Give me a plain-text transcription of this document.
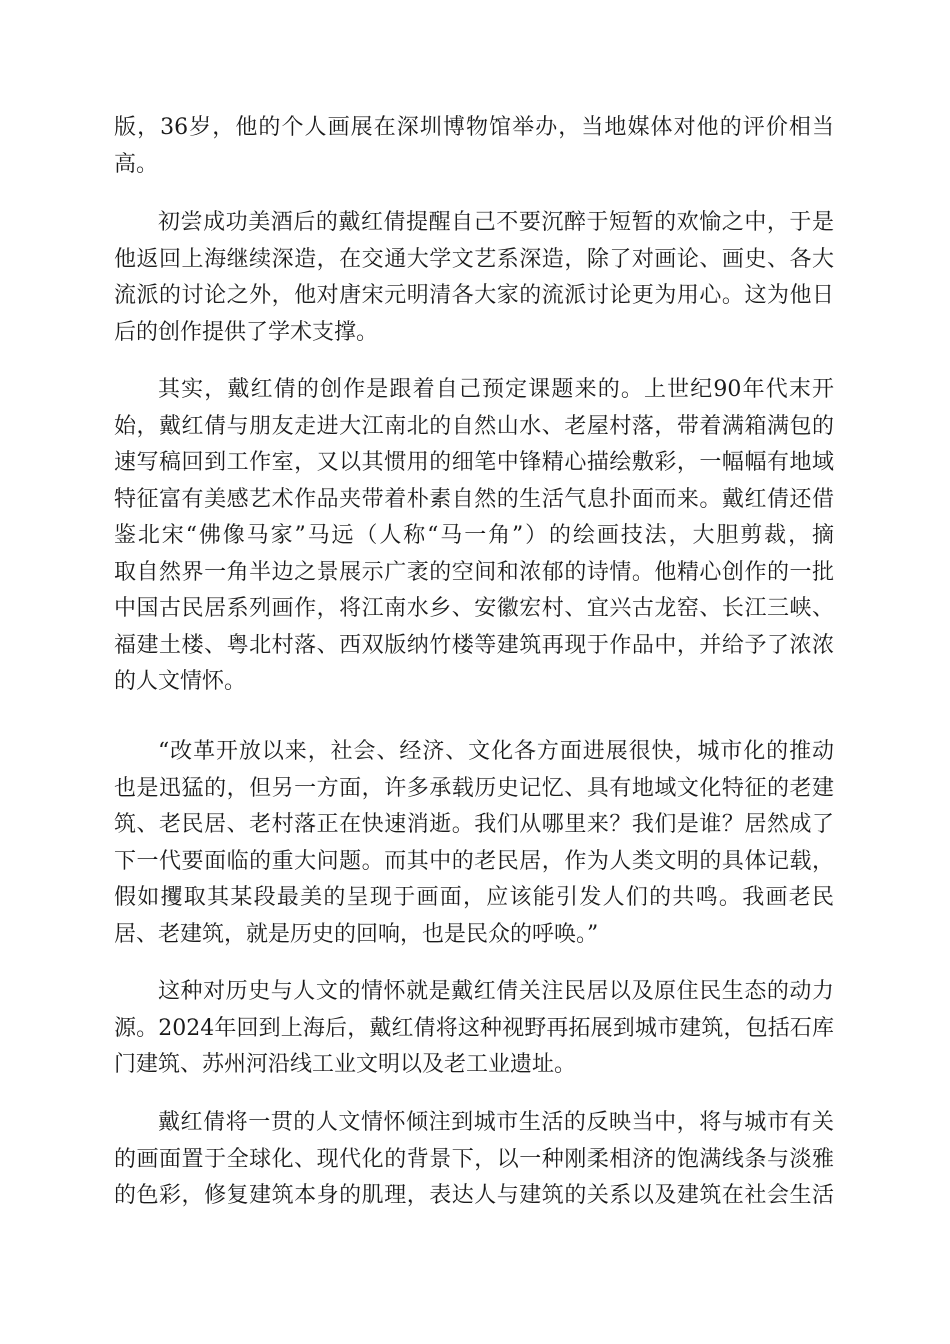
版，36岁，他的个人画展在深圳博物馆举办，当地媒体对他的评价相当
高。
初尝成功美酒后的戴红倩提醒自己不要沉醉于短暂的欢愉之中，于是
他返回上海继续深造，在交通大学文艺系深造，除了对画论、画史、各大
流派的讨论之外，他对唐宋元明清各大家的流派讨论更为用心。这为他日
后的创作提供了学术支撑。
其实，戴红倩的创作是跟着自己预定课题来的。上世纪90年代末开
始，戴红倩与朋友走进大江南北的自然山水、老屋村落，带着满箱满包的
速写稿回到工作室，又以其惯用的细笔中锋精心描绘敷彩，一幅幅有地域
特征富有美感艺术作品夹带着朴素自然的生活气息扑面而来。戴红倩还借
鉴北宋“佛像马家”马远（人称“马一角”）的绘画技法，大胆剪裁，摘
取自然界一角半边之景展示广袤的空间和浓郁的诗情。他精心创作的一批
中国古民居系列画作，将江南水乡、安徽宏村、宜兴古龙窑、长江三峡、
福建土楼、粤北村落、西双版纳竹楼等建筑再现于作品中，并给予了浓浓
的人文情怀。
“改革开放以来，社会、经济、文化各方面进展很快，城市化的推动
也是迅猛的，但另一方面，许多承载历史记忆、具有地域文化特征的老建
筑、老民居、老村落正在快速消逝。我们从哪里来？我们是谁？居然成了
下一代要面临的重大问题。而其中的老民居，作为人类文明的具体记载，
假如攫取其某段最美的呈现于画面，应该能引发人们的共鸣。我画老民
居、老建筑，就是历史的回响，也是民众的呼唤。”
这种对历史与人文的情怀就是戴红倩关注民居以及原住民生态的动力
源。2024年回到上海后，戴红倩将这种视野再拓展到城市建筑，包括石库
门建筑、苏州河沿线工业文明以及老工业遗址。
戴红倩将一贯的人文情怀倾注到城市生活的反映当中，将与城市有关
的画面置于全球化、现代化的背景下，以一种刚柔相济的饱满线条与淡雅
的色彩，修复建筑本身的肌理，表达人与建筑的关系以及建筑在社会生活
